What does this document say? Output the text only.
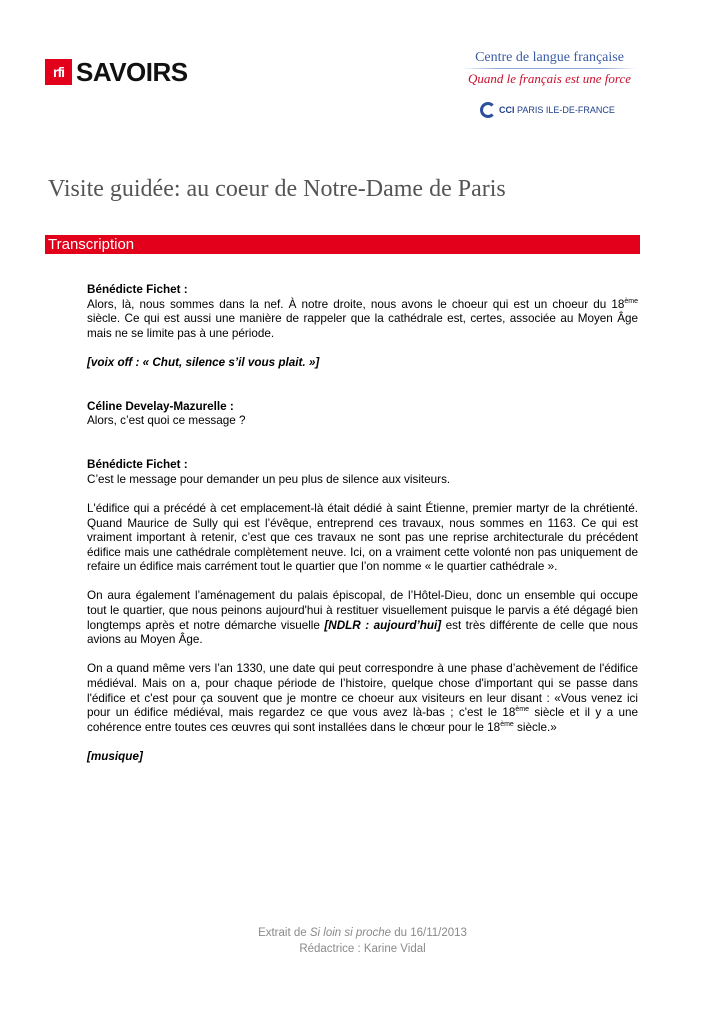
rfi SAVOIRS	Centre de langue française
Quand le français est une force
CCI PARIS ILE-DE-FRANCE
Visite guidée: au coeur de Notre-Dame de Paris
Transcription

Bénédicte Fichet :

Alors, là, nous sommes dans la nef. À notre droite, nous avons le choeur qui est un choeur du 18ème siècle. Ce qui est aussi une manière de rappeler que la cathédrale est, certes, associée au Moyen Âge mais ne se limite pas à une période.

[voix off : « Chut, silence s’il vous plait. »]

Céline Develay-Mazurelle :

Alors, c’est quoi ce message ?

Bénédicte Fichet :

C’est le message pour demander un peu plus de silence aux visiteurs.

L'édifice qui a précédé à cet emplacement-là était dédié à saint Étienne, premier martyr de la chrétienté. Quand Maurice de Sully qui est l’évêque, entreprend ces travaux, nous sommes en 1163. Ce qui est vraiment important à retenir, c’est que ces travaux ne sont pas une reprise architecturale du précédent édifice mais une cathédrale complètement neuve. Ici, on a vraiment cette volonté non pas uniquement de refaire un édifice mais carrément tout le quartier que l’on nomme « le quartier cathédrale ».

On aura également l’aménagement du palais épiscopal, de l’Hôtel-Dieu, donc un ensemble qui occupe tout le quartier, que nous peinons aujourd'hui à restituer visuellement puisque le parvis a été dégagé bien longtemps après et notre démarche visuelle [NDLR : aujourd’hui] est très différente de celle que nous avions au Moyen Âge.

On a quand même vers l’an 1330, une date qui peut correspondre à une phase d’achèvement de l'édifice médiéval. Mais on a, pour chaque période de l’histoire, quelque chose d'important qui se passe dans l'édifice et c'est pour ça souvent que je montre ce choeur aux visiteurs en leur disant : «Vous venez ici pour un édifice médiéval, mais regardez ce que vous avez là-bas ; c'est le 18ème siècle et il y a une cohérence entre toutes ces œuvres qui sont installées dans le chœur pour le 18ème siècle.»

[musique]

Extrait de Si loin si proche du 16/11/2013
Rédactrice : Karine Vidal
